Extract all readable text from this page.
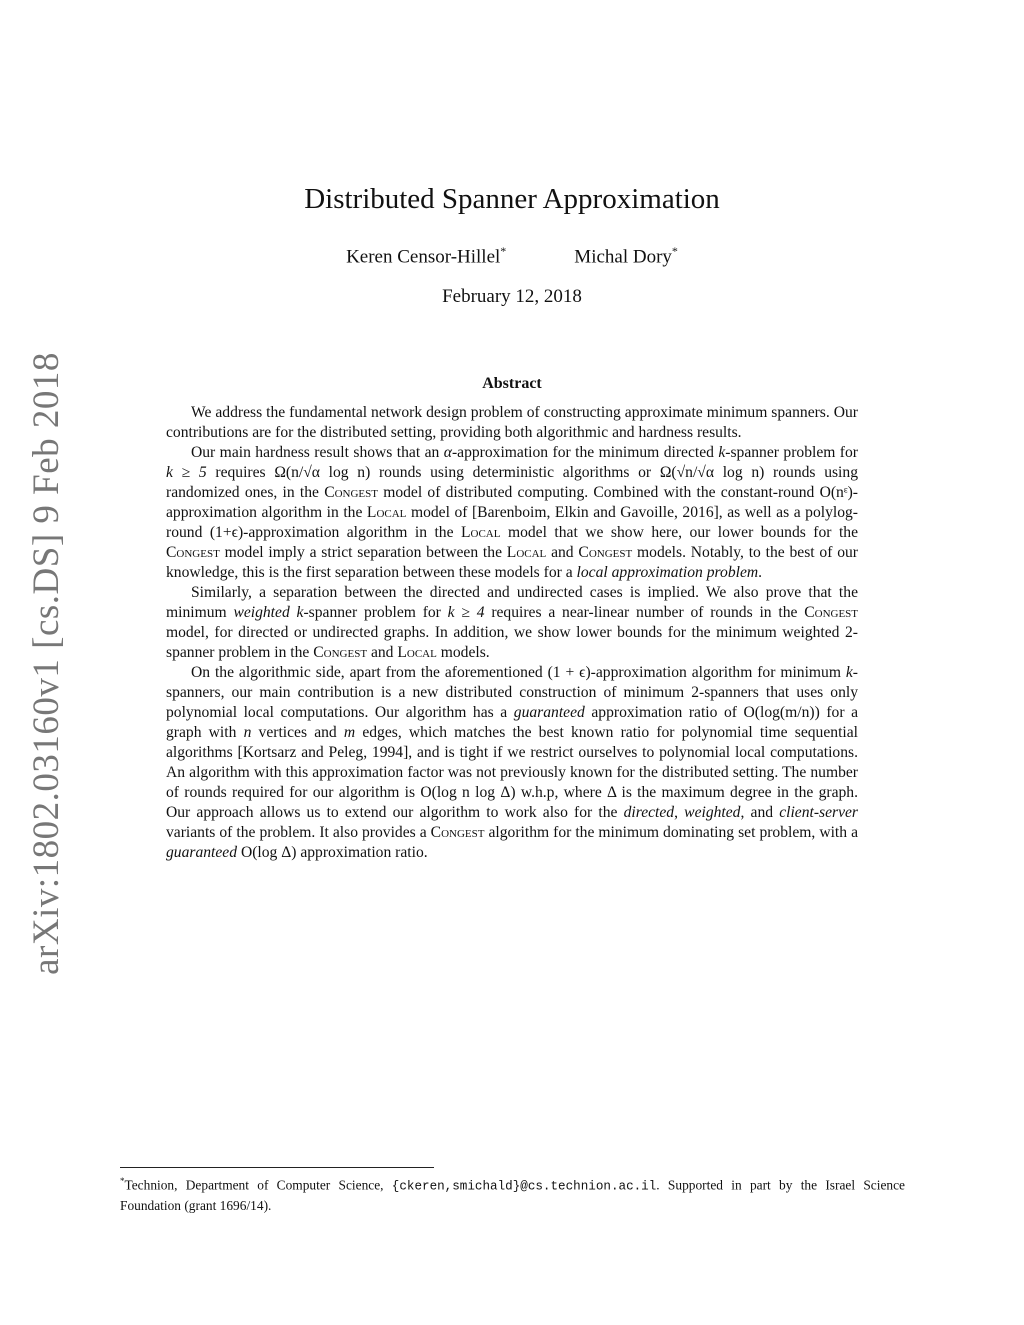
arXiv:1802.03160v1 [cs.DS] 9 Feb 2018
Distributed Spanner Approximation
Keren Censor-Hillel*	Michal Dory*
February 12, 2018
Abstract

We address the fundamental network design problem of constructing approximate minimum spanners. Our contributions are for the distributed setting, providing both algorithmic and hardness results.

Our main hardness result shows that an α-approximation for the minimum directed k-spanner problem for k ≥ 5 requires Ω(n/√α log n) rounds using deterministic algorithms or Ω(√n/√α log n) rounds using randomized ones, in the Congest model of distributed computing. Combined with the constant-round O(nᵋ)-approximation algorithm in the Local model of [Barenboim, Elkin and Gavoille, 2016], as well as a polylog-round (1+ϵ)-approximation algorithm in the Local model that we show here, our lower bounds for the Congest model imply a strict separation between the Local and Congest models. Notably, to the best of our knowledge, this is the first separation between these models for a local approximation problem.

Similarly, a separation between the directed and undirected cases is implied. We also prove that the minimum weighted k-spanner problem for k ≥ 4 requires a near-linear number of rounds in the Congest model, for directed or undirected graphs. In addition, we show lower bounds for the minimum weighted 2-spanner problem in the Congest and Local models.

On the algorithmic side, apart from the aforementioned (1 + ϵ)-approximation algorithm for minimum k-spanners, our main contribution is a new distributed construction of minimum 2-spanners that uses only polynomial local computations. Our algorithm has a guaranteed approximation ratio of O(log(m/n)) for a graph with n vertices and m edges, which matches the best known ratio for polynomial time sequential algorithms [Kortsarz and Peleg, 1994], and is tight if we restrict ourselves to polynomial local computations. An algorithm with this approximation factor was not previously known for the distributed setting. The number of rounds required for our algorithm is O(log n log Δ) w.h.p, where Δ is the maximum degree in the graph. Our approach allows us to extend our algorithm to work also for the directed, weighted, and client-server variants of the problem. It also provides a Congest algorithm for the minimum dominating set problem, with a guaranteed O(log Δ) approximation ratio.

*Technion, Department of Computer Science, {ckeren,smichald}@cs.technion.ac.il. Supported in part by the Israel Science Foundation (grant 1696/14).
